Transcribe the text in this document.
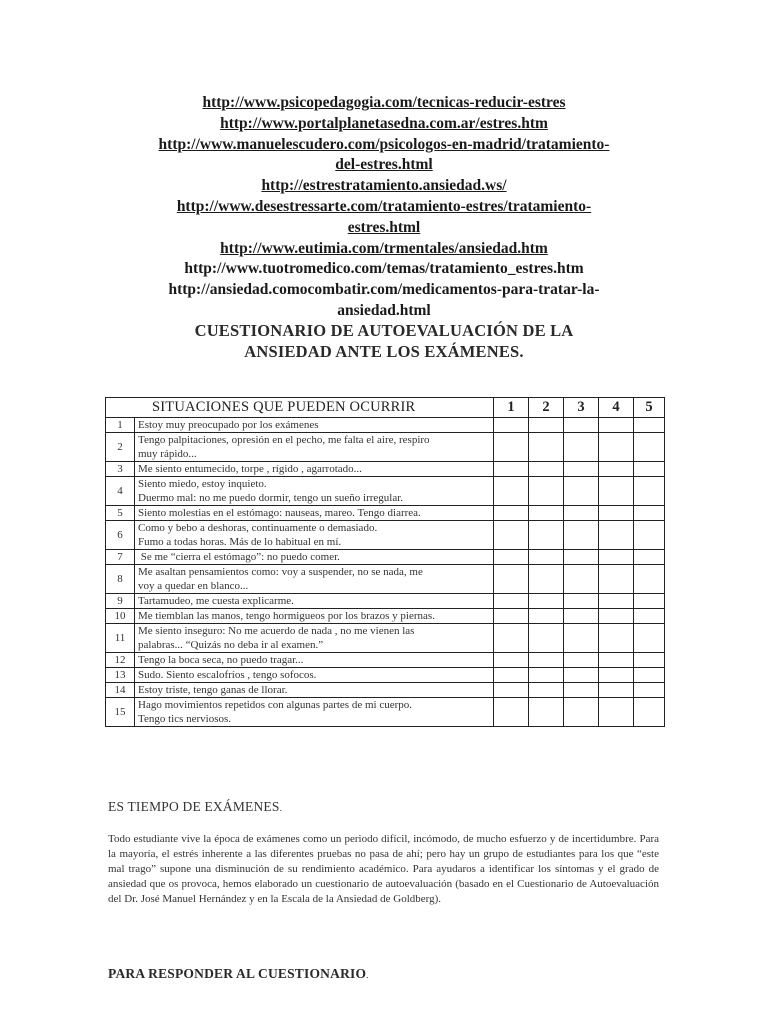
http://www.psicopedagogia.com/tecnicas-reducir-estres
http://www.portalplanetasedna.com.ar/estres.htm
http://www.manuelescudero.com/psicologos-en-madrid/tratamiento-
del-estres.html
http://estrestratamiento.ansiedad.ws/
http://www.desestressarte.com/tratamiento-estres/tratamiento-
estres.html
http://www.eutimia.com/trmentales/ansiedad.htm
http://www.tuotromedico.com/temas/tratamiento_estres.htm
http://ansiedad.comocombatir.com/medicamentos-para-tratar-la-
ansiedad.html
CUESTIONARIO DE AUTOEVALUACIÓN DE LA
ANSIEDAD ANTE LOS EXÁMENES.
SITUACIONES QUE PUEDEN OCURRIR		1	2	3	4	5
1	Estoy muy preocupado por los exámenes					

2	Tengo palpitaciones, opresión en el pecho, me falta el aire, respiro
muy rápido...					

3	Me siento entumecido, torpe , rígido , agarrotado...					

4	Siento miedo, estoy inquieto.
Duermo mal: no me puedo dormir, tengo un sueño irregular.					

5	Siento molestias en el estómago: nauseas, mareo. Tengo diarrea.					

6	Como y bebo a deshoras, continuamente o demasiado.
Fumo a todas horas. Más de lo habitual en mí.					

7	Se me “cierra el estómago”: no puedo comer.					

8	Me asaltan pensamientos como: voy a suspender, no se nada, me
voy a quedar en blanco...					

9	Tartamudeo, me cuesta explicarme.					

10	Me tiemblan las manos, tengo hormigueos por los brazos y piernas.					

11	Me siento inseguro: No me acuerdo de nada , no me vienen las
palabras... “Quizás no deba ir al examen.”					

12	Tengo la boca seca, no puedo tragar...					

13	Sudo. Siento escalofríos , tengo sofocos.					

14	Estoy triste, tengo ganas de llorar.					

15	Hago movimientos repetidos con algunas partes de mi cuerpo.
Tengo tics nerviosos.					

ES TIEMPO DE EXÁMENES.
Todo estudiante vive la época de exámenes como un periodo difícil, incómodo, de mucho esfuerzo y de incertidumbre. Para la mayoría, el estrés inherente a las diferentes pruebas no pasa de ahí; pero hay un grupo de estudiantes para los que “este mal trago” supone una disminución de su rendimiento académico. Para ayudaros a identificar los síntomas y el grado de ansiedad que os provoca, hemos elaborado un cuestionario de autoevaluación (basado en el Cuestionario de Autoevaluación del Dr. José Manuel Hernández y en la Escala de la Ansiedad de Goldberg).
PARA RESPONDER AL CUESTIONARIO.
